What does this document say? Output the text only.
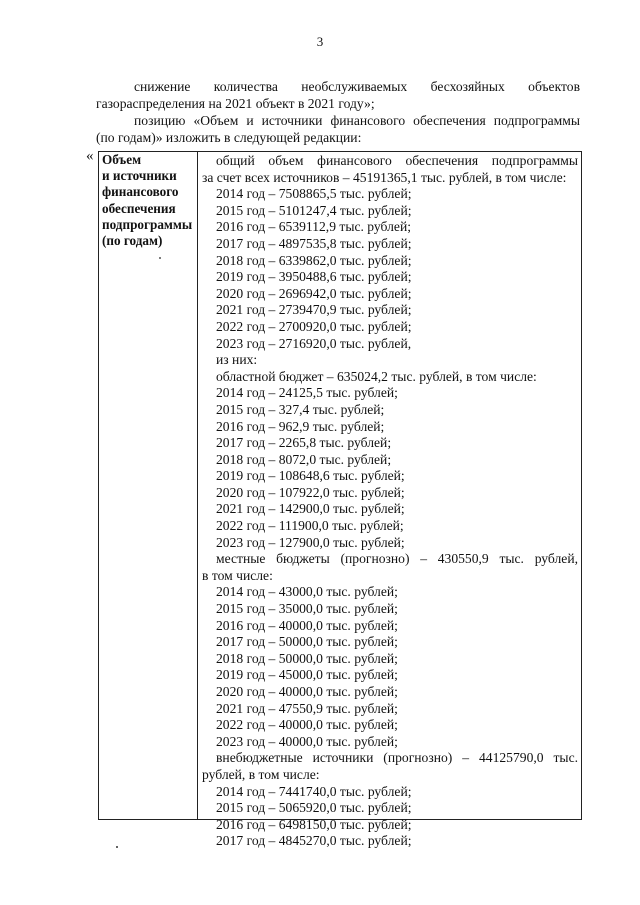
3

снижение количества необслуживаемых бесхозяйных объектов

газораспределения на 2021 объект в 2021 году»;

позицию «Объем и источники финансового обеспечения подпрограммы

(по годам)» изложить в следующей редакции:

« Объем
и источники
финансового
обеспечения
подпрограммы
(по годам)
общий объем финансового обеспечения подпрограммы
за счет всех источников – 45191365,1 тыс. рублей, в том числе:
2014 год – 7508865,5 тыс. рублей;
2015 год – 5101247,4 тыс. рублей;
2016 год – 6539112,9 тыс. рублей;
2017 год – 4897535,8 тыс. рублей;
2018 год – 6339862,0 тыс. рублей;
2019 год – 3950488,6 тыс. рублей;
2020 год – 2696942,0 тыс. рублей;
2021 год – 2739470,9 тыс. рублей;
2022 год – 2700920,0 тыс. рублей;
2023 год – 2716920,0 тыс. рублей,
из них:
областной бюджет – 635024,2 тыс. рублей, в том числе:
2014 год – 24125,5 тыс. рублей;
2015 год – 327,4 тыс. рублей;
2016 год – 962,9 тыс. рублей;
2017 год – 2265,8 тыс. рублей;
2018 год – 8072,0 тыс. рублей;
2019 год – 108648,6 тыс. рублей;
2020 год – 107922,0 тыс. рублей;
2021 год – 142900,0 тыс. рублей;
2022 год – 111900,0 тыс. рублей;
2023 год – 127900,0 тыс. рублей;
местные бюджеты (прогнозно) – 430550,9 тыс. рублей,
в том числе:
2014 год – 43000,0 тыс. рублей;
2015 год – 35000,0 тыс. рублей;
2016 год – 40000,0 тыс. рублей;
2017 год – 50000,0 тыс. рублей;
2018 год – 50000,0 тыс. рублей;
2019 год – 45000,0 тыс. рублей;
2020 год – 40000,0 тыс. рублей;
2021 год – 47550,9 тыс. рублей;
2022 год – 40000,0 тыс. рублей;
2023 год – 40000,0 тыс. рублей;
внебюджетные источники (прогнозно) – 44125790,0 тыс.
рублей, в том числе:
2014 год – 7441740,0 тыс. рублей;
2015 год – 5065920,0 тыс. рублей;
2016 год – 6498150,0 тыс. рублей;
2017 год – 4845270,0 тыс. рублей;
